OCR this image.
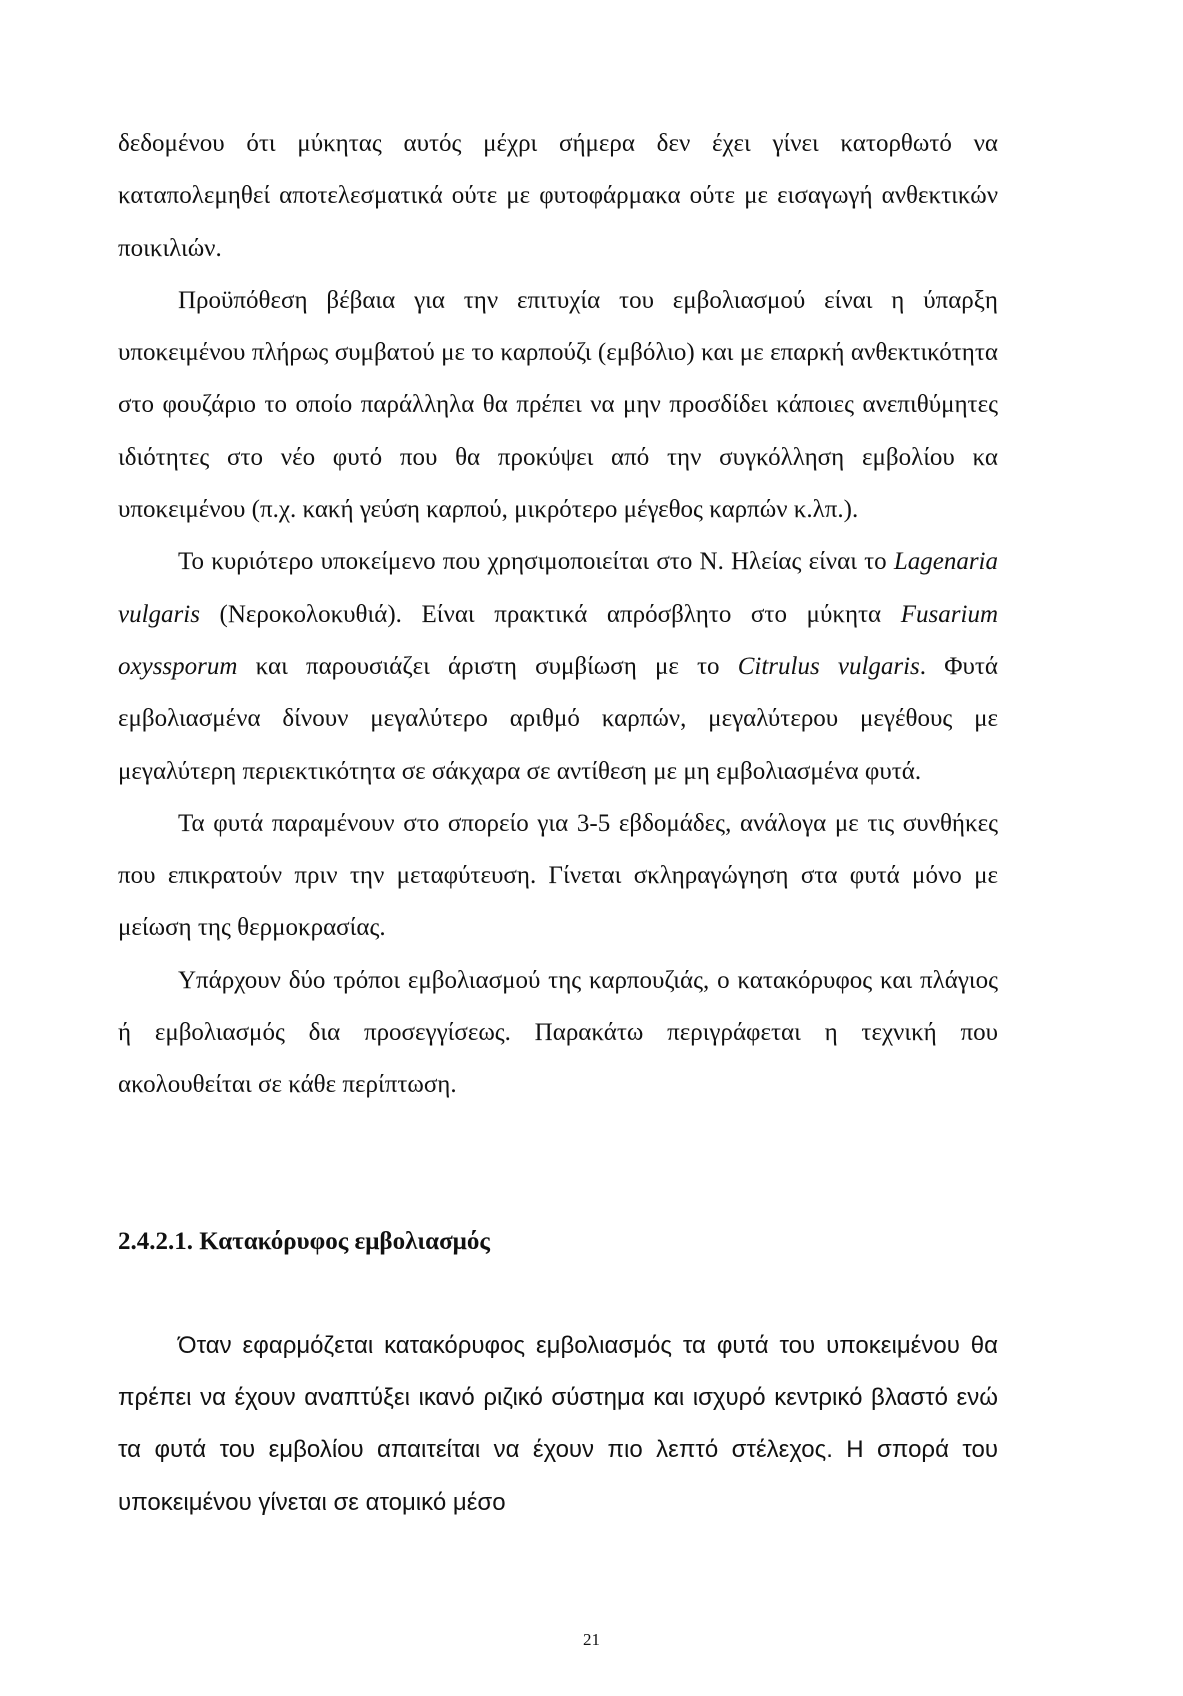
δεδομένου ότι μύκητας αυτός μέχρι σήμερα δεν έχει γίνει κατορθωτό να καταπολεμηθεί αποτελεσματικά ούτε με φυτοφάρμακα ούτε με εισαγωγή ανθεκτικών ποικιλιών.

Προϋπόθεση βέβαια για την επιτυχία του εμβολιασμού είναι η ύπαρξη υποκειμένου πλήρως συμβατού με το καρπούζι (εμβόλιο) και με επαρκή ανθεκτικότητα στο φουζάριο το οποίο παράλληλα θα πρέπει να μην προσδίδει κάποιες ανεπιθύμητες ιδιότητες στο νέο φυτό που θα προκύψει από την συγκόλληση εμβολίου κα υποκειμένου (π.χ. κακή γεύση καρπού, μικρότερο μέγεθος καρπών κ.λπ.).

Το κυριότερο υποκείμενο που χρησιμοποιείται στο Ν. Ηλείας είναι το Lagenaria vulgaris (Νεροκολοκυθιά). Είναι πρακτικά απρόσβλητο στο μύκητα Fusarium oxyssporum και παρουσιάζει άριστη συμβίωση με το Citrulus vulgaris. Φυτά εμβολιασμένα δίνουν μεγαλύτερο αριθμό καρπών, μεγαλύτερου μεγέθους με μεγαλύτερη περιεκτικότητα σε σάκχαρα σε αντίθεση με μη εμβολιασμένα φυτά.

Τα φυτά παραμένουν στο σπορείο για 3-5 εβδομάδες, ανάλογα με τις συνθήκες που επικρατούν πριν την μεταφύτευση. Γίνεται σκληραγώγηση στα φυτά μόνο με μείωση της θερμοκρασίας.

Υπάρχουν δύο τρόποι εμβολιασμού της καρπουζιάς, ο κατακόρυφος και πλάγιος ή εμβολιασμός δια προσεγγίσεως. Παρακάτω περιγράφεται η τεχνική που ακολουθείται σε κάθε περίπτωση.

2.4.2.1. Κατακόρυφος εμβολιασμός

Όταν εφαρμόζεται κατακόρυφος εμβολιασμός τα φυτά του υποκειμένου θα πρέπει να έχουν αναπτύξει ικανό ριζικό σύστημα και ισχυρό κεντρικό βλαστό ενώ τα φυτά του εμβολίου απαιτείται να έχουν πιο λεπτό στέλεχος. Η σπορά του υποκειμένου γίνεται σε ατομικό μέσο

21
